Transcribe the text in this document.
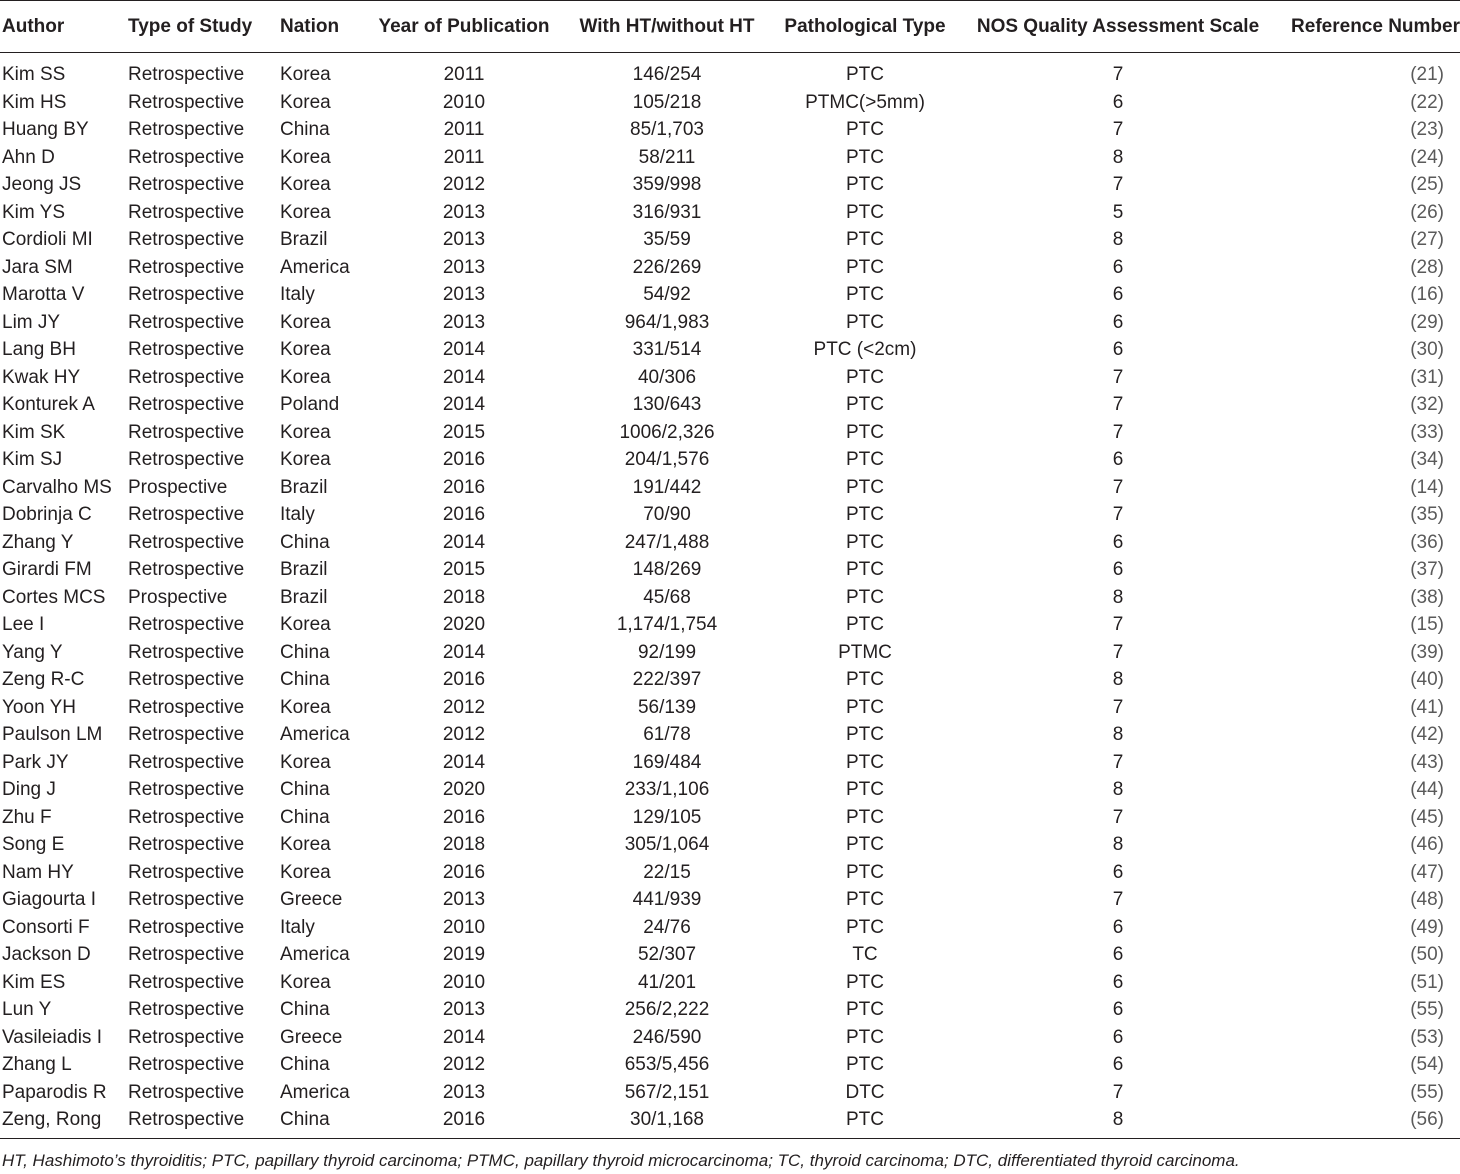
Author	Type of Study	Nation	Year of Publication	With HT/without HT	Pathological Type	NOS Quality Assessment Scale	Reference Number
Kim SS	Retrospective	Korea	2011	146/254	PTC	7	(21)
Kim HS	Retrospective	Korea	2010	105/218	PTMC(>5mm)	6	(22)
Huang BY	Retrospective	China	2011	85/1,703	PTC	7	(23)
Ahn D	Retrospective	Korea	2011	58/211	PTC	8	(24)
Jeong JS	Retrospective	Korea	2012	359/998	PTC	7	(25)
Kim YS	Retrospective	Korea	2013	316/931	PTC	5	(26)
Cordioli MI	Retrospective	Brazil	2013	35/59	PTC	8	(27)
Jara SM	Retrospective	America	2013	226/269	PTC	6	(28)
Marotta V	Retrospective	Italy	2013	54/92	PTC	6	(16)
Lim JY	Retrospective	Korea	2013	964/1,983	PTC	6	(29)
Lang BH	Retrospective	Korea	2014	331/514	PTC (<2cm)	6	(30)
Kwak HY	Retrospective	Korea	2014	40/306	PTC	7	(31)
Konturek A	Retrospective	Poland	2014	130/643	PTC	7	(32)
Kim SK	Retrospective	Korea	2015	1006/2,326	PTC	7	(33)
Kim SJ	Retrospective	Korea	2016	204/1,576	PTC	6	(34)
Carvalho MS	Prospective	Brazil	2016	191/442	PTC	7	(14)
Dobrinja C	Retrospective	Italy	2016	70/90	PTC	7	(35)
Zhang Y	Retrospective	China	2014	247/1,488	PTC	6	(36)
Girardi FM	Retrospective	Brazil	2015	148/269	PTC	6	(37)
Cortes MCS	Prospective	Brazil	2018	45/68	PTC	8	(38)
Lee I	Retrospective	Korea	2020	1,174/1,754	PTC	7	(15)
Yang Y	Retrospective	China	2014	92/199	PTMC	7	(39)
Zeng R-C	Retrospective	China	2016	222/397	PTC	8	(40)
Yoon YH	Retrospective	Korea	2012	56/139	PTC	7	(41)
Paulson LM	Retrospective	America	2012	61/78	PTC	8	(42)
Park JY	Retrospective	Korea	2014	169/484	PTC	7	(43)
Ding J	Retrospective	China	2020	233/1,106	PTC	8	(44)
Zhu F	Retrospective	China	2016	129/105	PTC	7	(45)
Song E	Retrospective	Korea	2018	305/1,064	PTC	8	(46)
Nam HY	Retrospective	Korea	2016	22/15	PTC	6	(47)
Giagourta I	Retrospective	Greece	2013	441/939	PTC	7	(48)
Consorti F	Retrospective	Italy	2010	24/76	PTC	6	(49)
Jackson D	Retrospective	America	2019	52/307	TC	6	(50)
Kim ES	Retrospective	Korea	2010	41/201	PTC	6	(51)
Lun Y	Retrospective	China	2013	256/2,222	PTC	6	(55)
Vasileiadis I	Retrospective	Greece	2014	246/590	PTC	6	(53)
Zhang L	Retrospective	China	2012	653/5,456	PTC	6	(54)
Paparodis R	Retrospective	America	2013	567/2,151	DTC	7	(55)
Zeng, Rong	Retrospective	China	2016	30/1,168	PTC	8	(56)
HT, Hashimoto’s thyroiditis; PTC, papillary thyroid carcinoma; PTMC, papillary thyroid microcarcinoma; TC, thyroid carcinoma; DTC, differentiated thyroid carcinoma.
